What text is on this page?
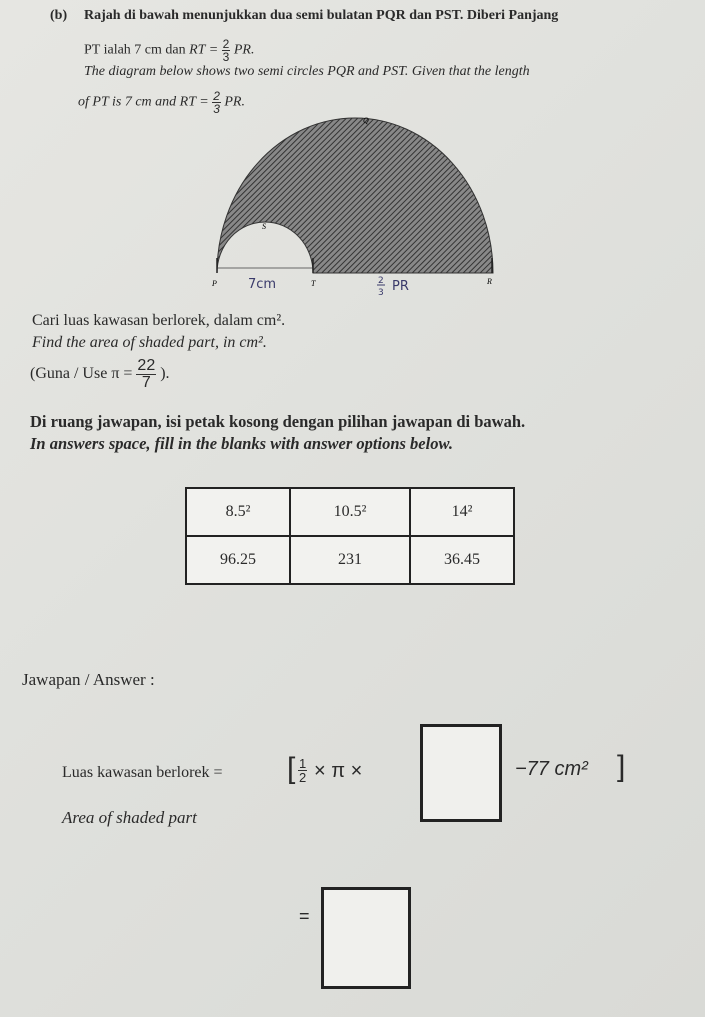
(b) Rajah di bawah menunjukkan dua semi bulatan PQR dan PST. Diberi Panjang
PT ialah 7 cm dan RT = $\frac{2}{3}$ PR.
The diagram below shows two semi circles PQR and PST. Given that the length
of PT is 7 cm and RT = $\frac{2}{3}$ PR.
Q
S
P	T	R
7cm	2
3 PR
Cari luas kawasan berlorek, dalam cm².
Find the area of shaded part, in cm².
(Guna / Use $\pi = \frac{22}{7}$ ).
Di ruang jawapan, isi petak kosong dengan pilihan jawapan di bawah.
In answers space, fill in the blanks with answer options below.
8.5²	10.5²	14²
96.25	231	36.45
Jawapan / Answer :
Luas kawasan berlorek = [ $\frac{1}{2} \times \pi$ ×	−77 cm² ]
Area of shaded part
=
